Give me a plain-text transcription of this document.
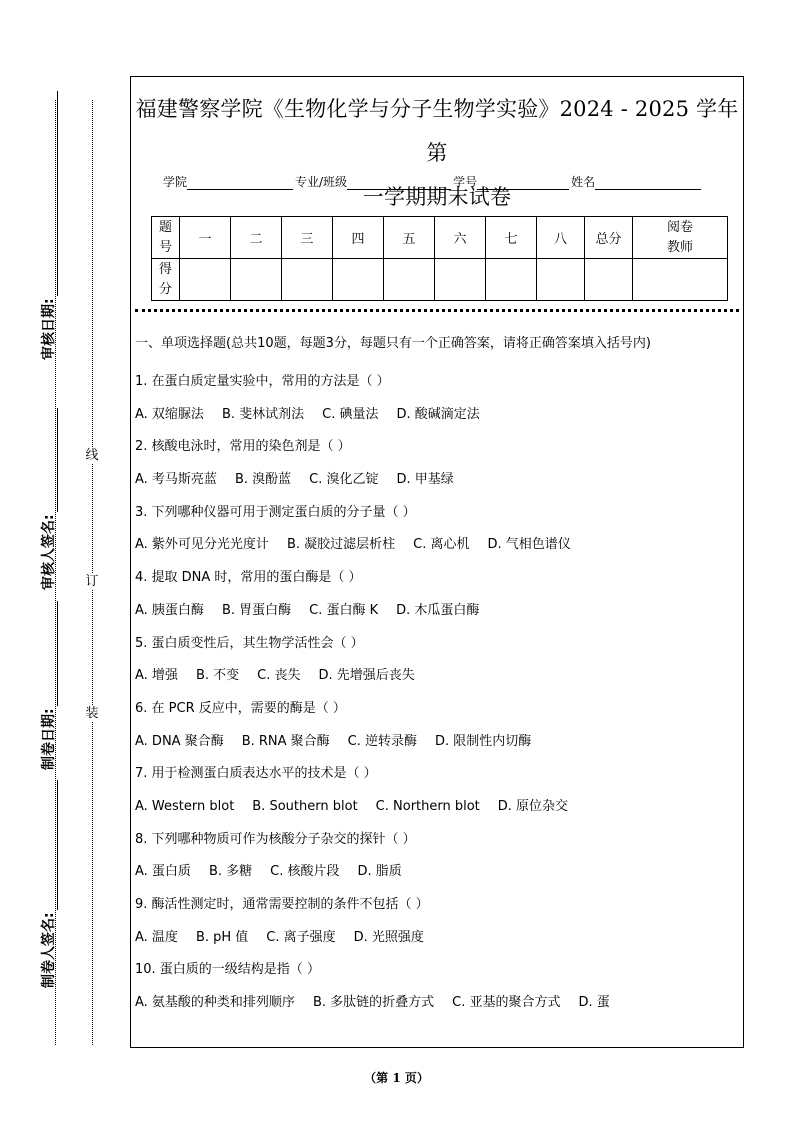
审核日期:
审核人签名:
制卷日期:
制卷人签名:
线
订
装
福建警察学院《生物化学与分子生物学实验》2024 - 2025 学年第
一学期期末试卷
学院	专业/班级	学号	姓名
题号	一	二	三	四	五	六	七	八	总分	阅卷教师

得分										

一、单项选择题(总共10题，每题3分，每题只有一个正确答案，请将正确答案填入括号内)
1. 在蛋白质定量实验中，常用的方法是（ ）
A. 双缩脲法 B. 斐林试剂法 C. 碘量法 D. 酸碱滴定法
2. 核酸电泳时，常用的染色剂是（ ）
A. 考马斯亮蓝 B. 溴酚蓝 C. 溴化乙锭 D. 甲基绿
3. 下列哪种仪器可用于测定蛋白质的分子量（ ）
A. 紫外可见分光光度计 B. 凝胶过滤层析柱 C. 离心机 D. 气相色谱仪
4. 提取 DNA 时，常用的蛋白酶是（ ）
A. 胰蛋白酶 B. 胃蛋白酶 C. 蛋白酶 K D. 木瓜蛋白酶
5. 蛋白质变性后，其生物学活性会（ ）
A. 增强 B. 不变 C. 丧失 D. 先增强后丧失
6. 在 PCR 反应中，需要的酶是（ ）
A. DNA 聚合酶 B. RNA 聚合酶 C. 逆转录酶 D. 限制性内切酶
7. 用于检测蛋白质表达水平的技术是（ ）
A. Western blot B. Southern blot C. Northern blot D. 原位杂交
8. 下列哪种物质可作为核酸分子杂交的探针（ ）
A. 蛋白质 B. 多糖 C. 核酸片段 D. 脂质
9. 酶活性测定时，通常需要控制的条件不包括（ ）
A. 温度 B. pH 值 C. 离子强度 D. 光照强度
10. 蛋白质的一级结构是指（ ）
A. 氨基酸的种类和排列顺序 B. 多肽链的折叠方式 C. 亚基的聚合方式 D. 蛋
（第 1 页）
